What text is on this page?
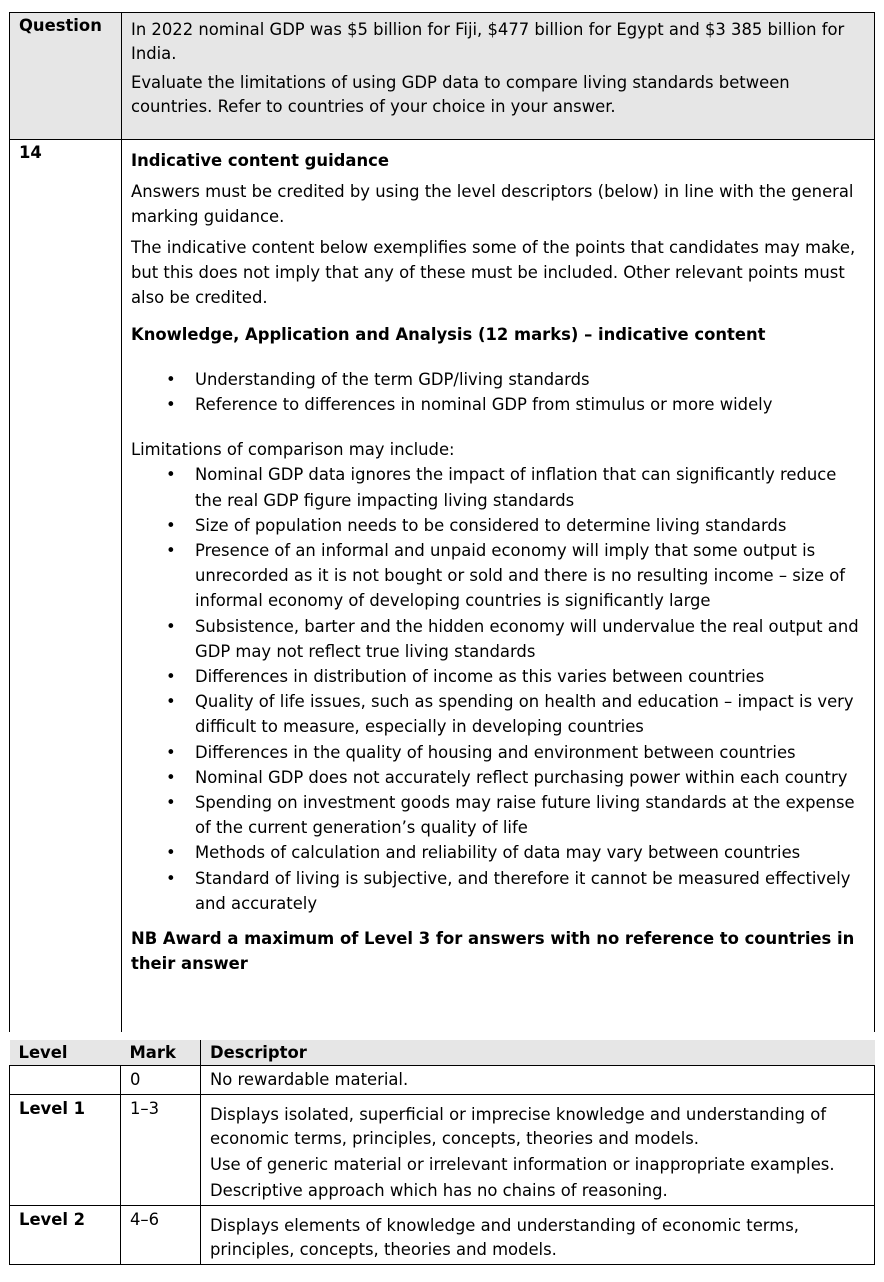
Question	In 2022 nominal GDP was $5 billion for Fiji, $477 billion for Egypt and $3 385 billion for India.

Evaluate the limitations of using GDP data to compare living standards between countries. Refer to countries of your choice in your answer.

14	Indicative content guidance

Answers must be credited by using the level descriptors (below) in line with the general marking guidance.

The indicative content below exemplifies some of the points that candidates may make, but this does not imply that any of these must be included. Other relevant points must also be credited.

Knowledge, Application and Analysis (12 marks) – indicative content

• Understanding of the term GDP/living standards
• Reference to differences in nominal GDP from stimulus or more widely

Limitations of comparison may include:

• Nominal GDP data ignores the impact of inflation that can significantly reduce the real GDP figure impacting living standards
• Size of population needs to be considered to determine living standards
• Presence of an informal and unpaid economy will imply that some output is unrecorded as it is not bought or sold and there is no resulting income – size of informal economy of developing countries is significantly large
• Subsistence, barter and the hidden economy will undervalue the real output and GDP may not reflect true living standards
• Differences in distribution of income as this varies between countries
• Quality of life issues, such as spending on health and education – impact is very difficult to measure, especially in developing countries
• Differences in the quality of housing and environment between countries
• Nominal GDP does not accurately reflect purchasing power within each country
• Spending on investment goods may raise future living standards at the expense of the current generation’s quality of life
• Methods of calculation and reliability of data may vary between countries
• Standard of living is subjective, and therefore it cannot be measured effectively and accurately

NB Award a maximum of Level 3 for answers with no reference to countries in their answer

Level	Mark	Descriptor
	0	No rewardable material.

Level 1	1–3	Displays isolated, superficial or imprecise knowledge and understanding of economic terms, principles, concepts, theories and models.

Use of generic material or irrelevant information or inappropriate examples.

Descriptive approach which has no chains of reasoning.

Level 2	4–6	Displays elements of knowledge and understanding of economic terms, principles, concepts, theories and models.
